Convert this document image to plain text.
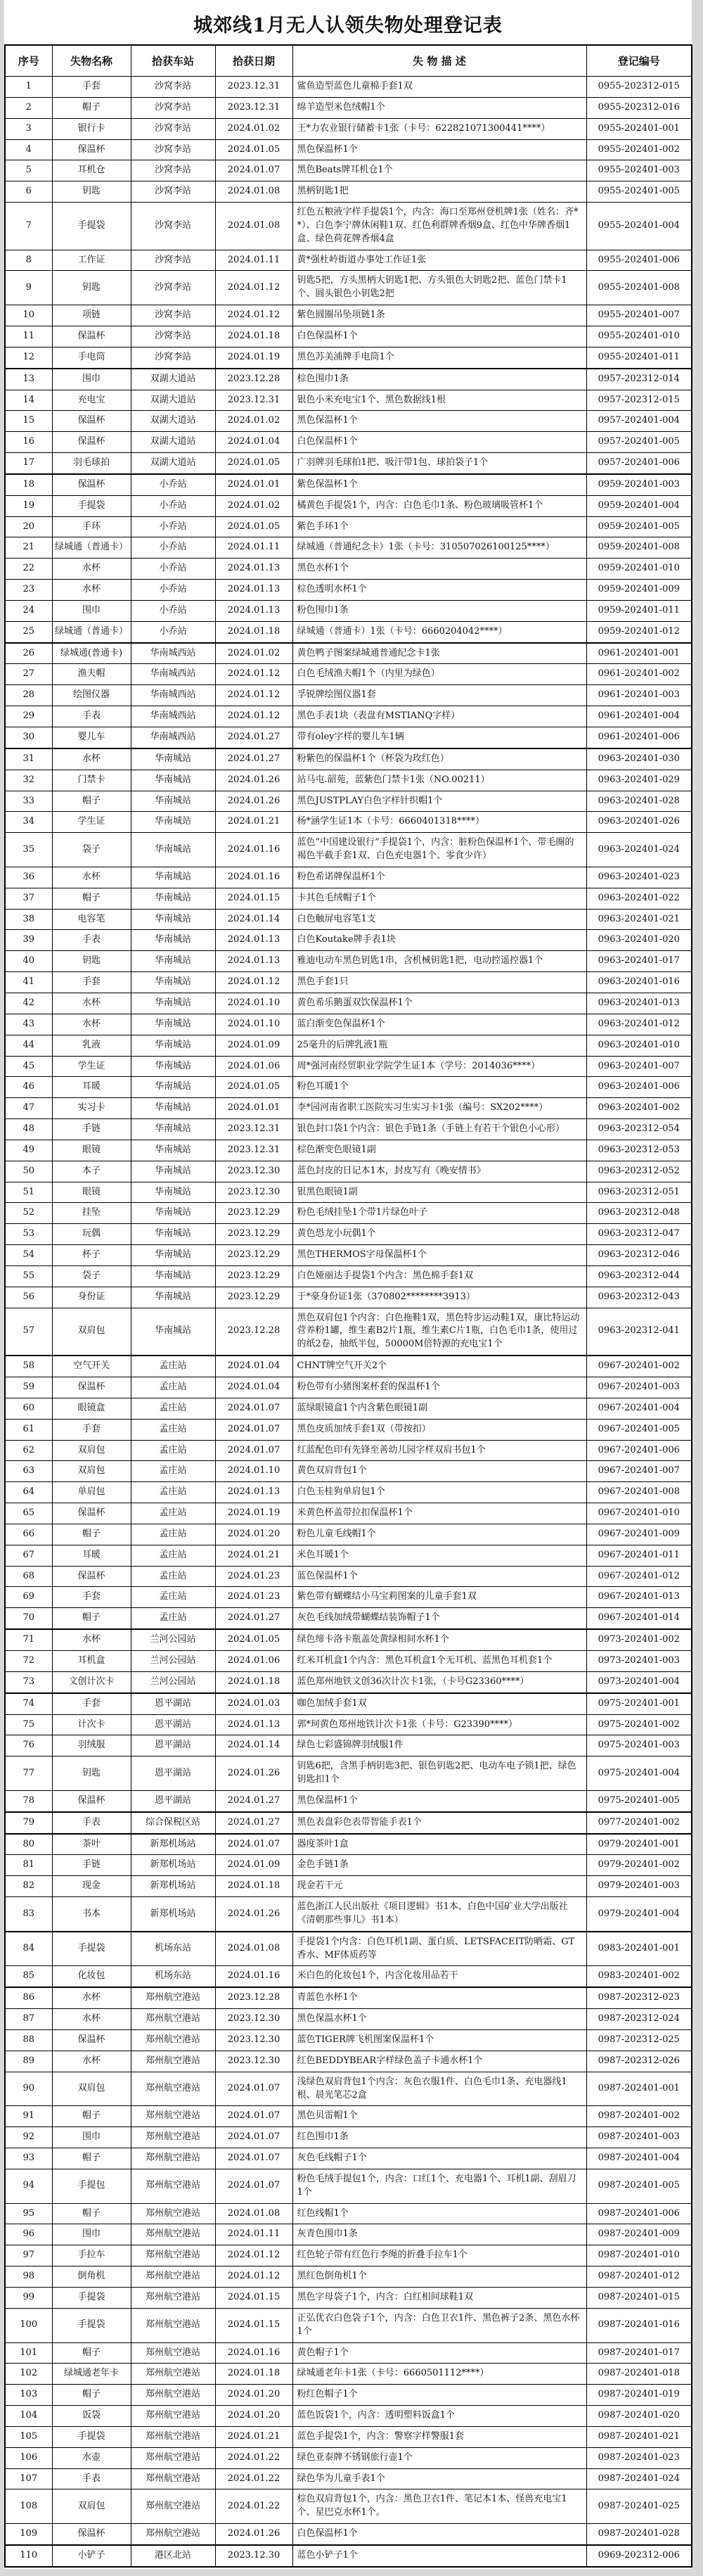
城郊线1月无人认领失物处理登记表
序号	失物名称	拾获车站	拾获日期	失 物 描 述	登记编号
1	手套	沙窝李站	2023.12.31	鲨鱼造型蓝色儿童棉手套1双	0955-202312-015
2	帽子	沙窝李站	2023.12.31	绵羊造型米色绒帽1个	0955-202312-016
3	银行卡	沙窝李站	2024.01.02	王*力农业银行储蓄卡1张（卡号：622821071300441****）	0955-202401-001
4	保温杯	沙窝李站	2024.01.05	黑色保温杯1个	0955-202401-002
5	耳机仓	沙窝李站	2024.01.07	黑色Beats牌耳机仓1个	0955-202401-003
6	钥匙	沙窝李站	2024.01.08	黑柄钥匙1把	0955-202401-005
7	手提袋	沙窝李站	2024.01.08	红色五粮液字样手提袋1个，内含：海口至郑州登机牌1张（姓名：齐**）、白色李宁牌休闲鞋1双、红色利群牌香烟9盒、红色中华牌香烟1盒、绿色荷花牌香烟4盒	0955-202401-004
8	工作证	沙窝李站	2024.01.11	黄*强杜岭街道办事处工作证1张	0955-202401-006
9	钥匙	沙窝李站	2024.01.12	钥匙5把，方头黑柄大钥匙1把、方头银色大钥匙2把、蓝色门禁卡1个、圆头银色小钥匙2把	0955-202401-008
10	项链	沙窝李站	2024.01.12	紫色圆圈吊坠项链1条	0955-202401-007
11	保温杯	沙窝李站	2024.01.18	白色保温杯1个	0955-202401-010
12	手电筒	沙窝李站	2024.01.19	黑色苏美浦牌手电筒1个	0955-202401-011
13	围巾	双湖大道站	2023.12.28	棕色围巾1条	0957-202312-014
14	充电宝	双湖大道站	2023.12.31	银色小米充电宝1个、黑色数据线1根	0957-202312-015
15	保温杯	双湖大道站	2024.01.02	黑色保温杯1个	0957-202401-004
16	保温杯	双湖大道站	2024.01.04	白色保温杯1个	0957-202401-005
17	羽毛球拍	双湖大道站	2024.01.05	广羽牌羽毛球拍1把、吸汗带1包、球拍袋子1个	0957-202401-006
18	保温杯	小乔站	2024.01.01	紫色保温杯1个	0959-202401-003
19	手提袋	小乔站	2024.01.02	橘黄色手提袋1个，内含：白色毛巾1条、粉色玻璃吸管杯1个	0959-202401-004
20	手环	小乔站	2024.01.05	紫色手环1个	0959-202401-005
21	绿城通（普通卡）	小乔站	2024.01.11	绿城通（普通纪念卡）1张（卡号：310507026100125****）	0959-202401-008
22	水杯	小乔站	2024.01.13	黑色水杯1个	0959-202401-010
23	水杯	小乔站	2024.01.13	棕色透明水杯1个	0959-202401-009
24	围巾	小乔站	2024.01.13	粉色围巾1条	0959-202401-011
25	绿城通（普通卡）	小乔站	2024.01.18	绿城通（普通卡）1张（卡号：6660204042****）	0959-202401-012
26	绿城通(普通卡)	华南城西站	2024.01.02	黄色鸭子图案绿城通普通纪念卡1张	0961-202401-001
27	渔夫帽	华南城西站	2024.01.12	白色毛绒渔夫帽1个（内里为绿色）	0961-202401-002
28	绘图仪器	华南城西站	2024.01.12	孚锐牌绘图仪器1套	0961-202401-003
29	手表	华南城西站	2024.01.12	黑色手表1块（表盘有MSTIANQ字样）	0961-202401-004
30	婴儿车	华南城西站	2024.01.27	带有oley字样的婴儿车1辆	0961-202401-006
31	水杯	华南城站	2024.01.27	粉紫色的保温杯1个（杯袋为玫红色）	0963-202401-030
32	门禁卡	华南城站	2024.01.26	站马屯.韶苑，蓝紫色门禁卡1张（NO.00211）	0963-202401-029
33	帽子	华南城站	2024.01.26	黑色JUSTPLAY白色字样针织帽1个	0963-202401-028
34	学生证	华南城站	2024.01.21	杨*涵学生证1本（卡号：6660401318****）	0963-202401-026
35	袋子	华南城站	2024.01.16	蓝色“中国建设银行”手提袋1个，内含：脏粉色保温杯1个、带毛圈的褐色半截手套1双、白色充电器1个、零食少许）	0963-202401-024
36	水杯	华南城站	2024.01.16	粉色希诺牌保温杯1个	0963-202401-023
37	帽子	华南城站	2024.01.15	卡其色毛绒帽子1个	0963-202401-022
38	电容笔	华南城站	2024.01.14	白色触屏电容笔1支	0963-202401-021
39	手表	华南城站	2024.01.13	白色Koutake牌手表1块	0963-202401-020
40	钥匙	华南城站	2024.01.13	雅迪电动车黑色钥匙1串，含机械钥匙1把，电动控遥控器1个	0963-202401-017
41	手套	华南城站	2024.01.12	黑色手套1只	0963-202401-016
42	水杯	华南城站	2024.01.10	黄色希乐鹅蛋双饮保温杯1个	0963-202401-013
43	水杯	华南城站	2024.01.10	蓝白渐变色保温杯1个	0963-202401-012
44	乳液	华南城站	2024.01.09	25毫升的后牌乳液1瓶	0963-202401-010
45	学生证	华南城站	2024.01.06	周*强河南经贸职业学院学生证1本（学号：2014036****）	0963-202401-007
46	耳暖	华南城站	2024.01.05	粉色耳暖1个	0963-202401-006
47	实习卡	华南城站	2024.01.01	李*园河南省职工医院实习生实习卡1张（编号：SX202****）	0963-202401-002
48	手链	华南城站	2023.12.31	银色封口袋1个内含：银色手链1条（手链上有若干个银色小心形）	0963-202312-054
49	眼镜	华南城站	2023.12.31	棕色渐变色眼镜1副	0963-202312-053
50	本子	华南城站	2023.12.30	蓝色封皮的日记本1本，封皮写有《晚安情书》	0963-202312-052
51	眼镜	华南城站	2023.12.30	银黑色眼镜1副	0963-202312-051
52	挂坠	华南城站	2023.12.29	粉色毛绒挂坠1个带1片绿色叶子	0963-202312-048
53	玩偶	华南城站	2023.12.29	黄色恐龙小玩偶1个	0963-202312-047
54	杯子	华南城站	2023.12.29	黑色THERMOS字母保温杯1个	0963-202312-046
55	袋子	华南城站	2023.12.29	白色娅丽达手提袋1个内含：黑色棉手套1双	0963-202312-044
56	身份证	华南城站	2023.12.29	于*豪身份证1张（370802********3913）	0963-202312-043
57	双肩包	华南城站	2023.12.28	黑色双肩包1个内含：白色拖鞋1双，黑色特步运动鞋1双，康比特运动营养粉1罐，维生素B2片1瓶，维生素C片1瓶，白色毛巾1条，使用过的纸2卷，抽纸半包，50000M倍特源的充电宝1个	0963-202312-041
58	空气开关	孟庄站	2024.01.04	CHNT牌空气开关2个	0967-202401-002
59	保温杯	孟庄站	2024.01.04	粉色带有小猪图案杯套的保温杯1个	0967-202401-003
60	眼镜盒	孟庄站	2024.01.07	蓝绿眼镜盒1个内含紫色眼镜1副	0967-202401-004
61	手套	孟庄站	2024.01.07	黑色皮质加绒手套1双（带按扣）	0967-202401-005
62	双肩包	孟庄站	2024.01.07	红蓝配色印有先锋至善幼儿园字样双肩书包1个	0967-202401-006
63	双肩包	孟庄站	2024.01.10	黄色双肩背包1个	0967-202401-007
64	单肩包	孟庄站	2024.01.13	白色玉桂狗单肩包1个	0967-202401-008
65	保温杯	孟庄站	2024.01.19	米黄色杯盖带拉扣保温杯1个	0967-202401-010
66	帽子	孟庄站	2024.01.20	粉色儿童毛线帽1个	0967-202401-009
67	耳暖	孟庄站	2024.01.21	米色耳暖1个	0967-202401-011
68	保温杯	孟庄站	2024.01.23	蓝色保温杯1个	0967-202401-012
69	手套	孟庄站	2024.01.23	紫色带有蝴蝶结小马宝莉图案的儿童手套1双	0967-202401-013
70	帽子	孟庄站	2024.01.27	灰色毛线加绒带蝴蝶结装饰帽子1个	0967-202401-014
71	水杯	兰河公园站	2024.01.05	绿色缔卡洛卡瓶盖处黄绿相间水杯1个	0973-202401-002
72	耳机盒	兰河公园站	2024.01.06	红米耳机盒1个内含：黑色耳机盒1个无耳机、蓝黑色耳机套1个	0973-202401-003
73	文创计次卡	兰河公园站	2024.01.18	蓝色郑州地铁文创36次计次卡1张，（卡号G23360****）	0973-202401-004
74	手套	恩平湖站	2024.01.03	咖色加绒手套1双	0975-202401-001
75	计次卡	恩平湖站	2024.01.13	郭*珂黄色郑州地铁计次卡1张（卡号：G23390****）	0975-202401-002
76	羽绒服	恩平湖站	2024.01.14	绿色七彩盛锦牌羽绒服1件	0975-202401-003
77	钥匙	恩平湖站	2024.01.26	钥匙6把，含黑手柄钥匙3把、银色钥匙2把、电动车电子锁1把、绿色钥匙扣1个	0975-202401-004
78	保温杯	恩平湖站	2024.01.27	黑色保温杯1个	0975-202401-005
79	手表	综合保税区站	2024.01.27	黑色表盘彩色表带智能手表1个	0977-202401-002
80	茶叶	新郑机场站	2024.01.07	器度茶叶1盒	0979-202401-001
81	手链	新郑机场站	2024.01.09	金色手链1条	0979-202401-002
82	现金	新郑机场站	2024.01.18	现金若干元	0979-202401-003
83	书本	新郑机场站	2024.01.26	蓝色浙江人民出版社《项目逻辑》书1本、白色中国矿业大学出版社《清朝那些事儿》书1本）	0979-202401-004
84	手提袋	机场东站	2024.01.08	手提袋1个内含：白色耳机1副、蛋白质、LETSFACEIT防晒霜、GT香水、MF体质药等	0983-202401-001
85	化妆包	机场东站	2024.01.16	米白色的化妆包1个，内含化妆用品若干	0983-202401-002
86	水杯	郑州航空港站	2023.12.28	青蓝色水杯1个	0987-202312-023
87	水杯	郑州航空港站	2023.12.30	黑色保温水杯1个	0987-202312-024
88	保温杯	郑州航空港站	2023.12.30	蓝色TIGER牌飞机图案保温杯1个	0987-202312-025
89	水杯	郑州航空港站	2023.12.30	红色BEDDYBEAR字样绿色盖子卡通水杯1个	0987-202312-026
90	双肩包	郑州航空港站	2024.01.07	浅绿色双肩背包1个内含：灰色衣服1件、白色毛巾1条、充电器线1根、晨光笔芯2盒	0987-202401-001
91	帽子	郑州航空港站	2024.01.07	黑色贝雷帽1个	0987-202401-002
92	围巾	郑州航空港站	2024.01.07	红色围巾1条	0987-202401-003
93	帽子	郑州航空港站	2024.01.07	灰色毛线帽子1个	0987-202401-004
94	手提包	郑州航空港站	2024.01.07	粉色毛绒手提包1个，内含：口红1个、充电器1个、耳机1副、刮眉刀1个	0987-202401-005
95	帽子	郑州航空港站	2024.01.08	红色线帽1个	0987-202401-006
96	围巾	郑州航空港站	2024.01.11	灰青色围巾1条	0987-202401-009
97	手拉车	郑州航空港站	2024.01.12	红色轮子带有红色行李绳的折叠手拉车1个	0987-202401-010
98	倒角机	郑州航空港站	2024.01.12	黑红色倒角机1个	0987-202401-012
99	手提袋	郑州航空港站	2024.01.15	黑色字母袋子1个，内含：白红相间球鞋1双	0987-202401-015
100	手提袋	郑州航空港站	2024.01.15	正弘优衣白色袋子1个，内含：白色卫衣1件、黑色裤子2条、黑色水杯1个	0987-202401-016
101	帽子	郑州航空港站	2024.01.16	黄色帽子1个	0987-202401-017
102	绿城通老年卡	郑州航空港站	2024.01.18	绿城通老年卡1张（卡号：6660501112****）	0987-202401-018
103	帽子	郑州航空港站	2024.01.20	粉红色帽子1个	0987-202401-019
104	饭袋	郑州航空港站	2024.01.20	蓝色饭袋1个，内含：透明塑料饭盒1个	0987-202401-020
105	手提袋	郑州航空港站	2024.01.21	蓝色手提袋1个，内含：警察字样警服1套	0987-202401-021
106	水壶	郑州航空港站	2024.01.22	绿色亚泰牌不锈钢旅行壶1个	0987-202401-023
107	手表	郑州航空港站	2024.01.22	绿色华为儿童手表1个	0987-202401-024
108	双肩包	郑州航空港站	2024.01.22	棕色双肩背包1个，内含：黑色卫衣1件、笔记本1本、怪兽充电宝1个、星巴克水杯1个。	0987-202401-025
109	保温杯	郑州航空港站	2024.01.26	白色保温杯1个	0987-202401-028
110	小铲子	港区北站	2023.12.30	蓝色小铲子1个	0969-202312-006
